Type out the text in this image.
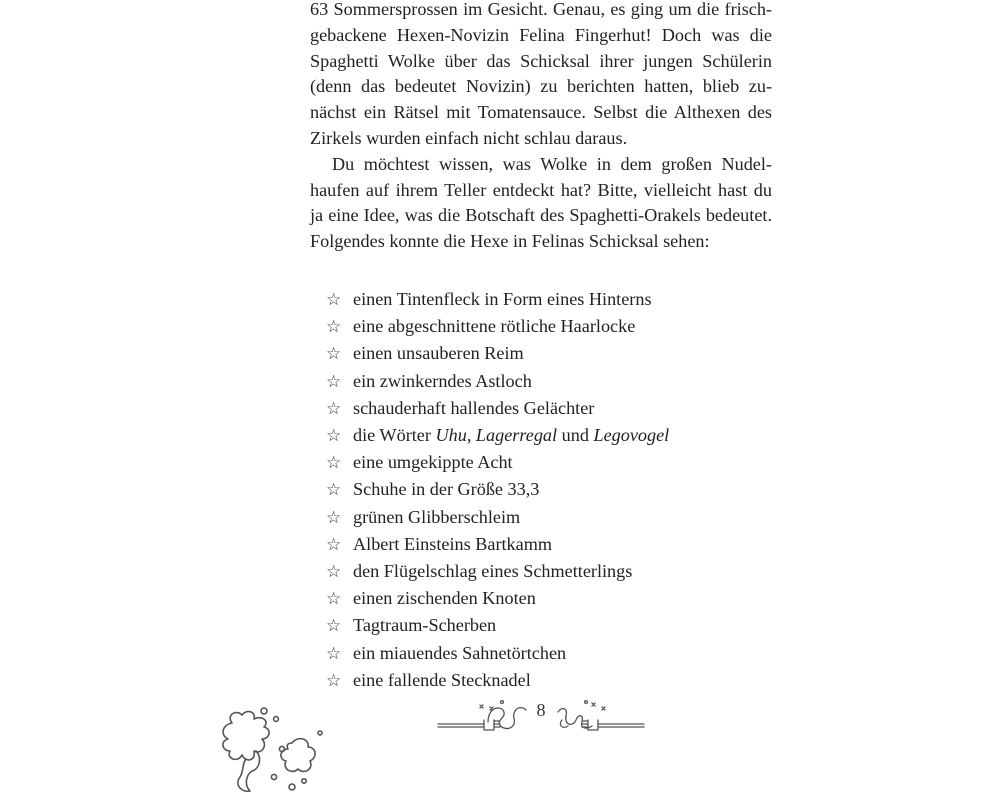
63 Sommersprossen im Gesicht. Genau, es ging um die frisch-
gebackene Hexen-Novizin Felina Fingerhut! Doch was die
Spaghetti Wolke über das Schicksal ihrer jungen Schülerin
(denn das bedeutet Novizin) zu berichten hatten, blieb zu-
nächst ein Rätsel mit Tomatensauce. Selbst die Althexen des
Zirkels wurden einfach nicht schlau daraus.

Du möchtest wissen, was Wolke in dem großen Nudel-
haufen auf ihrem Teller entdeckt hat? Bitte, vielleicht hast du
ja eine Idee, was die Botschaft des Spaghetti-Orakels bedeutet.
Folgendes konnte die Hexe in Felinas Schicksal sehen:

☆ einen Tintenfleck in Form eines Hinterns
☆ eine abgeschnittene rötliche Haarlocke
☆ einen unsauberen Reim
☆ ein zwinkerndes Astloch
☆ schauderhaft hallendes Gelächter
☆ die Wörter Uhu , Lagerregal und Legovogel
☆ eine umgekippte Acht
☆ Schuhe in der Größe 33,3
☆ grünen Glibberschleim
☆ Albert Einsteins Bartkamm
☆ den Flügelschlag eines Schmetterlings
☆ einen zischenden Knoten
☆ Tagtraum-Scherben
☆ ein miauendes Sahnetörtchen
☆ eine fallende Stecknadel
8
